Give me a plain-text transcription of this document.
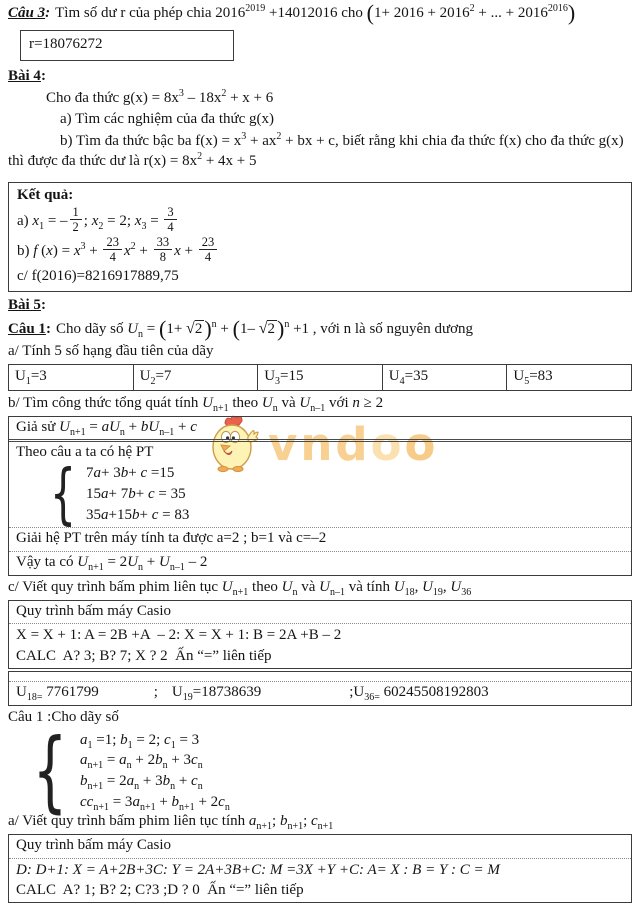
vndoo
Câu 3: Tìm số dư r của phép chia $2016^{2019} +14012016$ cho ($1+ 2016 + 2016^2$ + ... + $2016^{2016}$)
r=18076272
Bài 4:
Cho đa thức $g(x) = 8x^3 - 18x^2 + x + 6$
a) Tìm các nghiệm của đa thức g(x)
b) Tìm đa thức bậc ba $f(x) = x^3 + ax^2$ + bx + c, biết rằng khi chia đa thức f(x) cho đa thức g(x) thì được đa thức dư là $r(x) = 8x^2 + 4x + 5$
Kết quả:
a) $x_1$ = – $\frac{1}{2}$ ; $x_2 = 2$; $x_3 = \frac{3}{4}$
b) f $(x) = x^3 + \frac{23}{4} x^2 + \frac{33}{8}$ $x + \frac{23}{4}$
c/ f(2016)=8216917889,75
Bài 5:
Câu 1: Cho dãy số $U_n = (1+ √2)^n + (1-$ √2)$^n$ +1 , với n là số nguyên dương
a/ Tính 5 số hạng đầu tiên của dãy
$U_1=3$	$U_2=7$	$U_3=15$	$U_4=35$	$U_5=83$
b/ Tìm công thức tổng quát tính $U_{n+1}$ theo $U_n$ và $U_{n-1}$ với n ≥ 2
Giả sử $U_{n+1} = aU_n + bU_{n-1} + c$
Theo câu a ta có hệ PT
{ 7a+ 3b+ c =15
15a+ 7b+ c = 35
35a+15b+ c = 83
Giải hệ PT trên máy tính ta được a=2 ; b=1 và c=–2
Vậy ta có $U_{n+1} = 2U_n + U_{n-1} - 2$
c/ Viết quy trình bấm phim liên tục $U_{n+1}$ theo $U_n$ và $U_{n-1}$ và tính $U_{18}$, $U_{19}$, $U_{36}$
Quy trình bấm máy Casio
X = X + 1: A = 2B +A  – 2: X = X + 1: B = 2A +B – 2
CALC  A? 3; B? 7; X ? 2  Ấn “=” liên tiếp
$U_{18=}$ 7761799	; $U_{19}=18738639$	$;U_{36=}$ 60245508192803
Câu 1 :Cho dãy số
{ $a_1 =1$; $b_1 = 2$; $c_1 = 3$
$a_{n+1} = a_n + 2b_n + 3c_n$
$b_{n+1} = 2a_n + 3b_n + c_n$
$cc_{n+1} = 3a_{n+1} + b_{n+1} + 2c_n$
a/ Viết quy trình bấm phim liên tục tính $a_{n+1}$; $b_{n+1}$; $c_{n+1}$
Quy trình bấm máy Casio
D: D+1: X = A+2B+3C: Y = 2A+3B+C: M =3X +Y +C: A= X : B = Y : C = M
CALC  A? 1; B? 2; C?3 ;D ? 0  Ấn “=” liên tiếp
